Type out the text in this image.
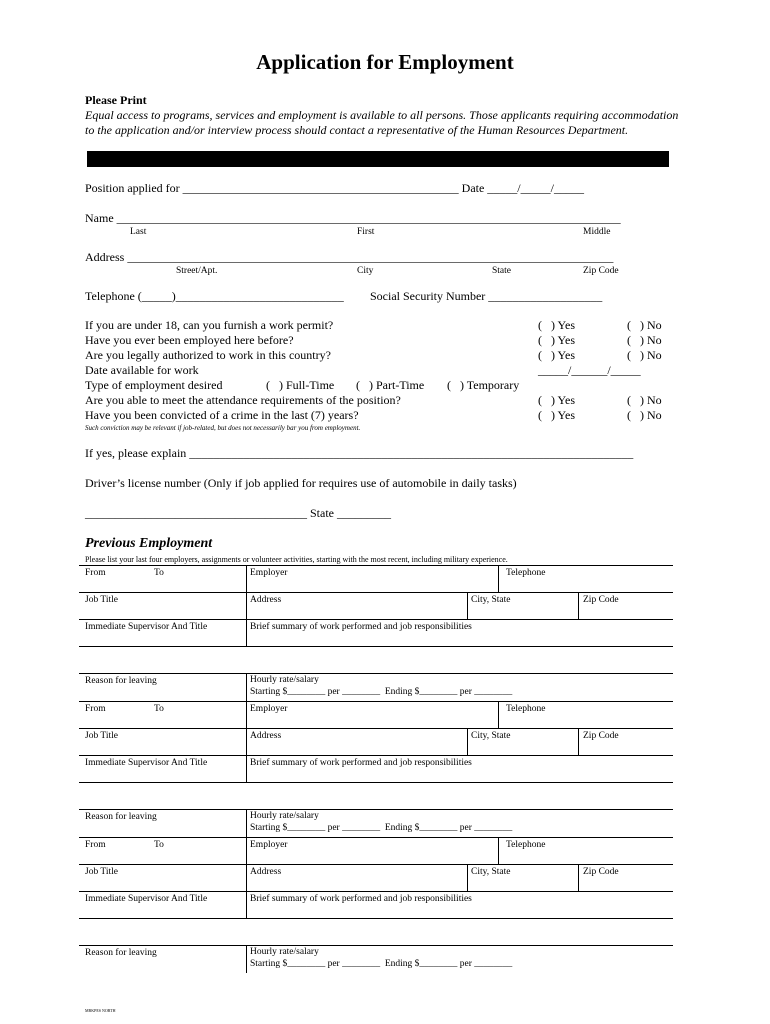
Application for Employment
Please Print
Equal access to programs, services and employment is available to all persons. Those applicants requiring accommodation
to the application and/or interview process should contact a representative of the Human Resources Department.
Position applied for ______________________________________________ Date _____/_____/_____
Name ____________________________________________________________________________________
Last	First	Middle
Address _________________________________________________________________________________
Street/Apt.	City	State	Zip Code
Telephone (_____)____________________________ Social Security Number ___________________
If you are under 18, can you furnish a work permit?	(   ) Yes	(   ) No
Have you ever been employed here before?	(   ) Yes	(   ) No
Are you legally authorized to work in this country?	(   ) Yes	(   ) No
Date available for work	_____/______/_____
Type of employment desired	(   ) Full-Time (   ) Part-Time (   ) Temporary
Are you able to meet the attendance requirements of the position?	(   ) Yes	(   ) No
Have you been convicted of a crime in the last (7) years?	(   ) Yes	(   ) No
Such conviction may be relevant if job-related, but does not necessarily bar you from employment.
If yes, please explain __________________________________________________________________________
Driver’s license number (Only if job applied for requires use of automobile in daily tasks)
_____________________________________ State _________
Previous Employment
Please list your last four employers, assignments or volunteer activities, starting with the most recent, including military experience.
From	To	Employer	Telephone
Job Title	Address	City, State	Zip Code
Immediate Supervisor And Title	Brief summary of work performed and job responsibilities
Reason for leaving	Hourly rate/salary
Starting $________ per ________  Ending $________ per ________
From	To	Employer	Telephone
Job Title	Address	City, State	Zip Code
Immediate Supervisor And Title	Brief summary of work performed and job responsibilities
Reason for leaving	Hourly rate/salary
Starting $________ per ________  Ending $________ per ________
From	To	Employer	Telephone
Job Title	Address	City, State	Zip Code
Immediate Supervisor And Title	Brief summary of work performed and job responsibilities
Reason for leaving	Hourly rate/salary
Starting $________ per ________  Ending $________ per ________
MBKPES NORTH
